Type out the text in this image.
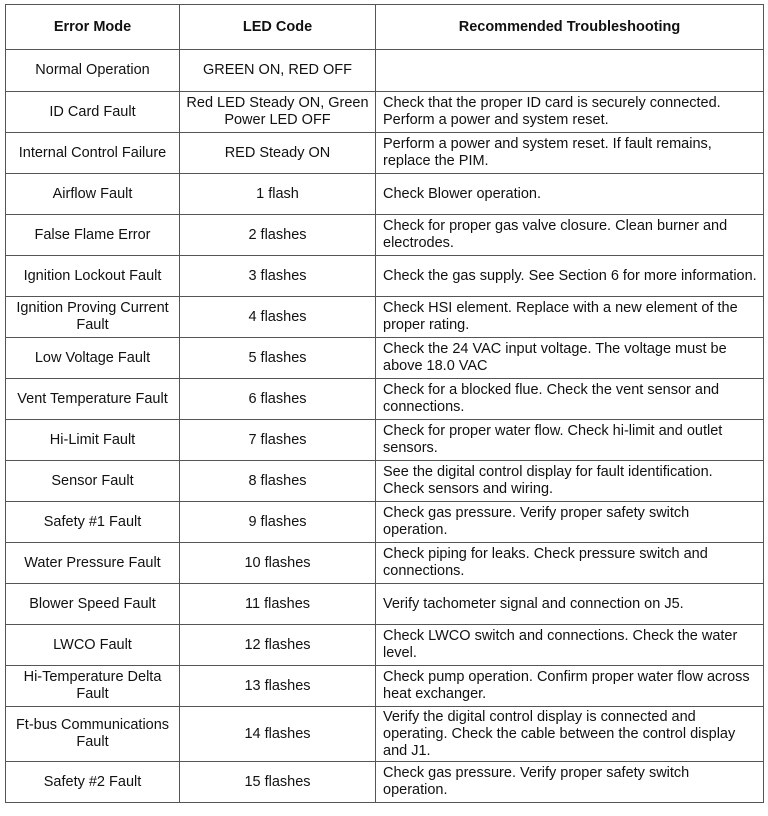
Error Mode	LED Code	Recommended Troubleshooting
Normal Operation	GREEN ON, RED OFF	
ID Card Fault	Red LED Steady ON, Green Power LED OFF	Check that the proper ID card is securely connected. Perform a power and system reset.
Internal Control Failure	RED Steady ON	Perform a power and system reset. If fault remains, replace the PIM.
Airflow Fault	1 flash	Check Blower operation.
False Flame Error	2 flashes	Check for proper gas valve closure. Clean burner and electrodes.
Ignition Lockout Fault	3 flashes	Check the gas supply. See Section 6 for more information.
Ignition Proving Current Fault	4 flashes	Check HSI element. Replace with a new element of the proper rating.
Low Voltage Fault	5 flashes	Check the 24 VAC input voltage. The voltage must be above 18.0 VAC
Vent Temperature Fault	6 flashes	Check for a blocked flue. Check the vent sensor and connections.
Hi-Limit Fault	7 flashes	Check for proper water flow. Check hi-limit and outlet sensors.
Sensor Fault	8 flashes	See the digital control display for fault identification. Check sensors and wiring.
Safety #1 Fault	9 flashes	Check gas pressure. Verify proper safety switch operation.
Water Pressure Fault	10 flashes	Check piping for leaks. Check pressure switch and connections.
Blower Speed Fault	11 flashes	Verify tachometer signal and connection on J5.
LWCO Fault	12 flashes	Check LWCO switch and connections. Check the water level.
Hi-Temperature Delta Fault	13 flashes	Check pump operation. Confirm proper water flow across heat exchanger.
Ft-bus Communications Fault	14 flashes	Verify the digital control display is connected and operating. Check the cable between the control display and J1.
Safety #2 Fault	15 flashes	Check gas pressure. Verify proper safety switch operation.
